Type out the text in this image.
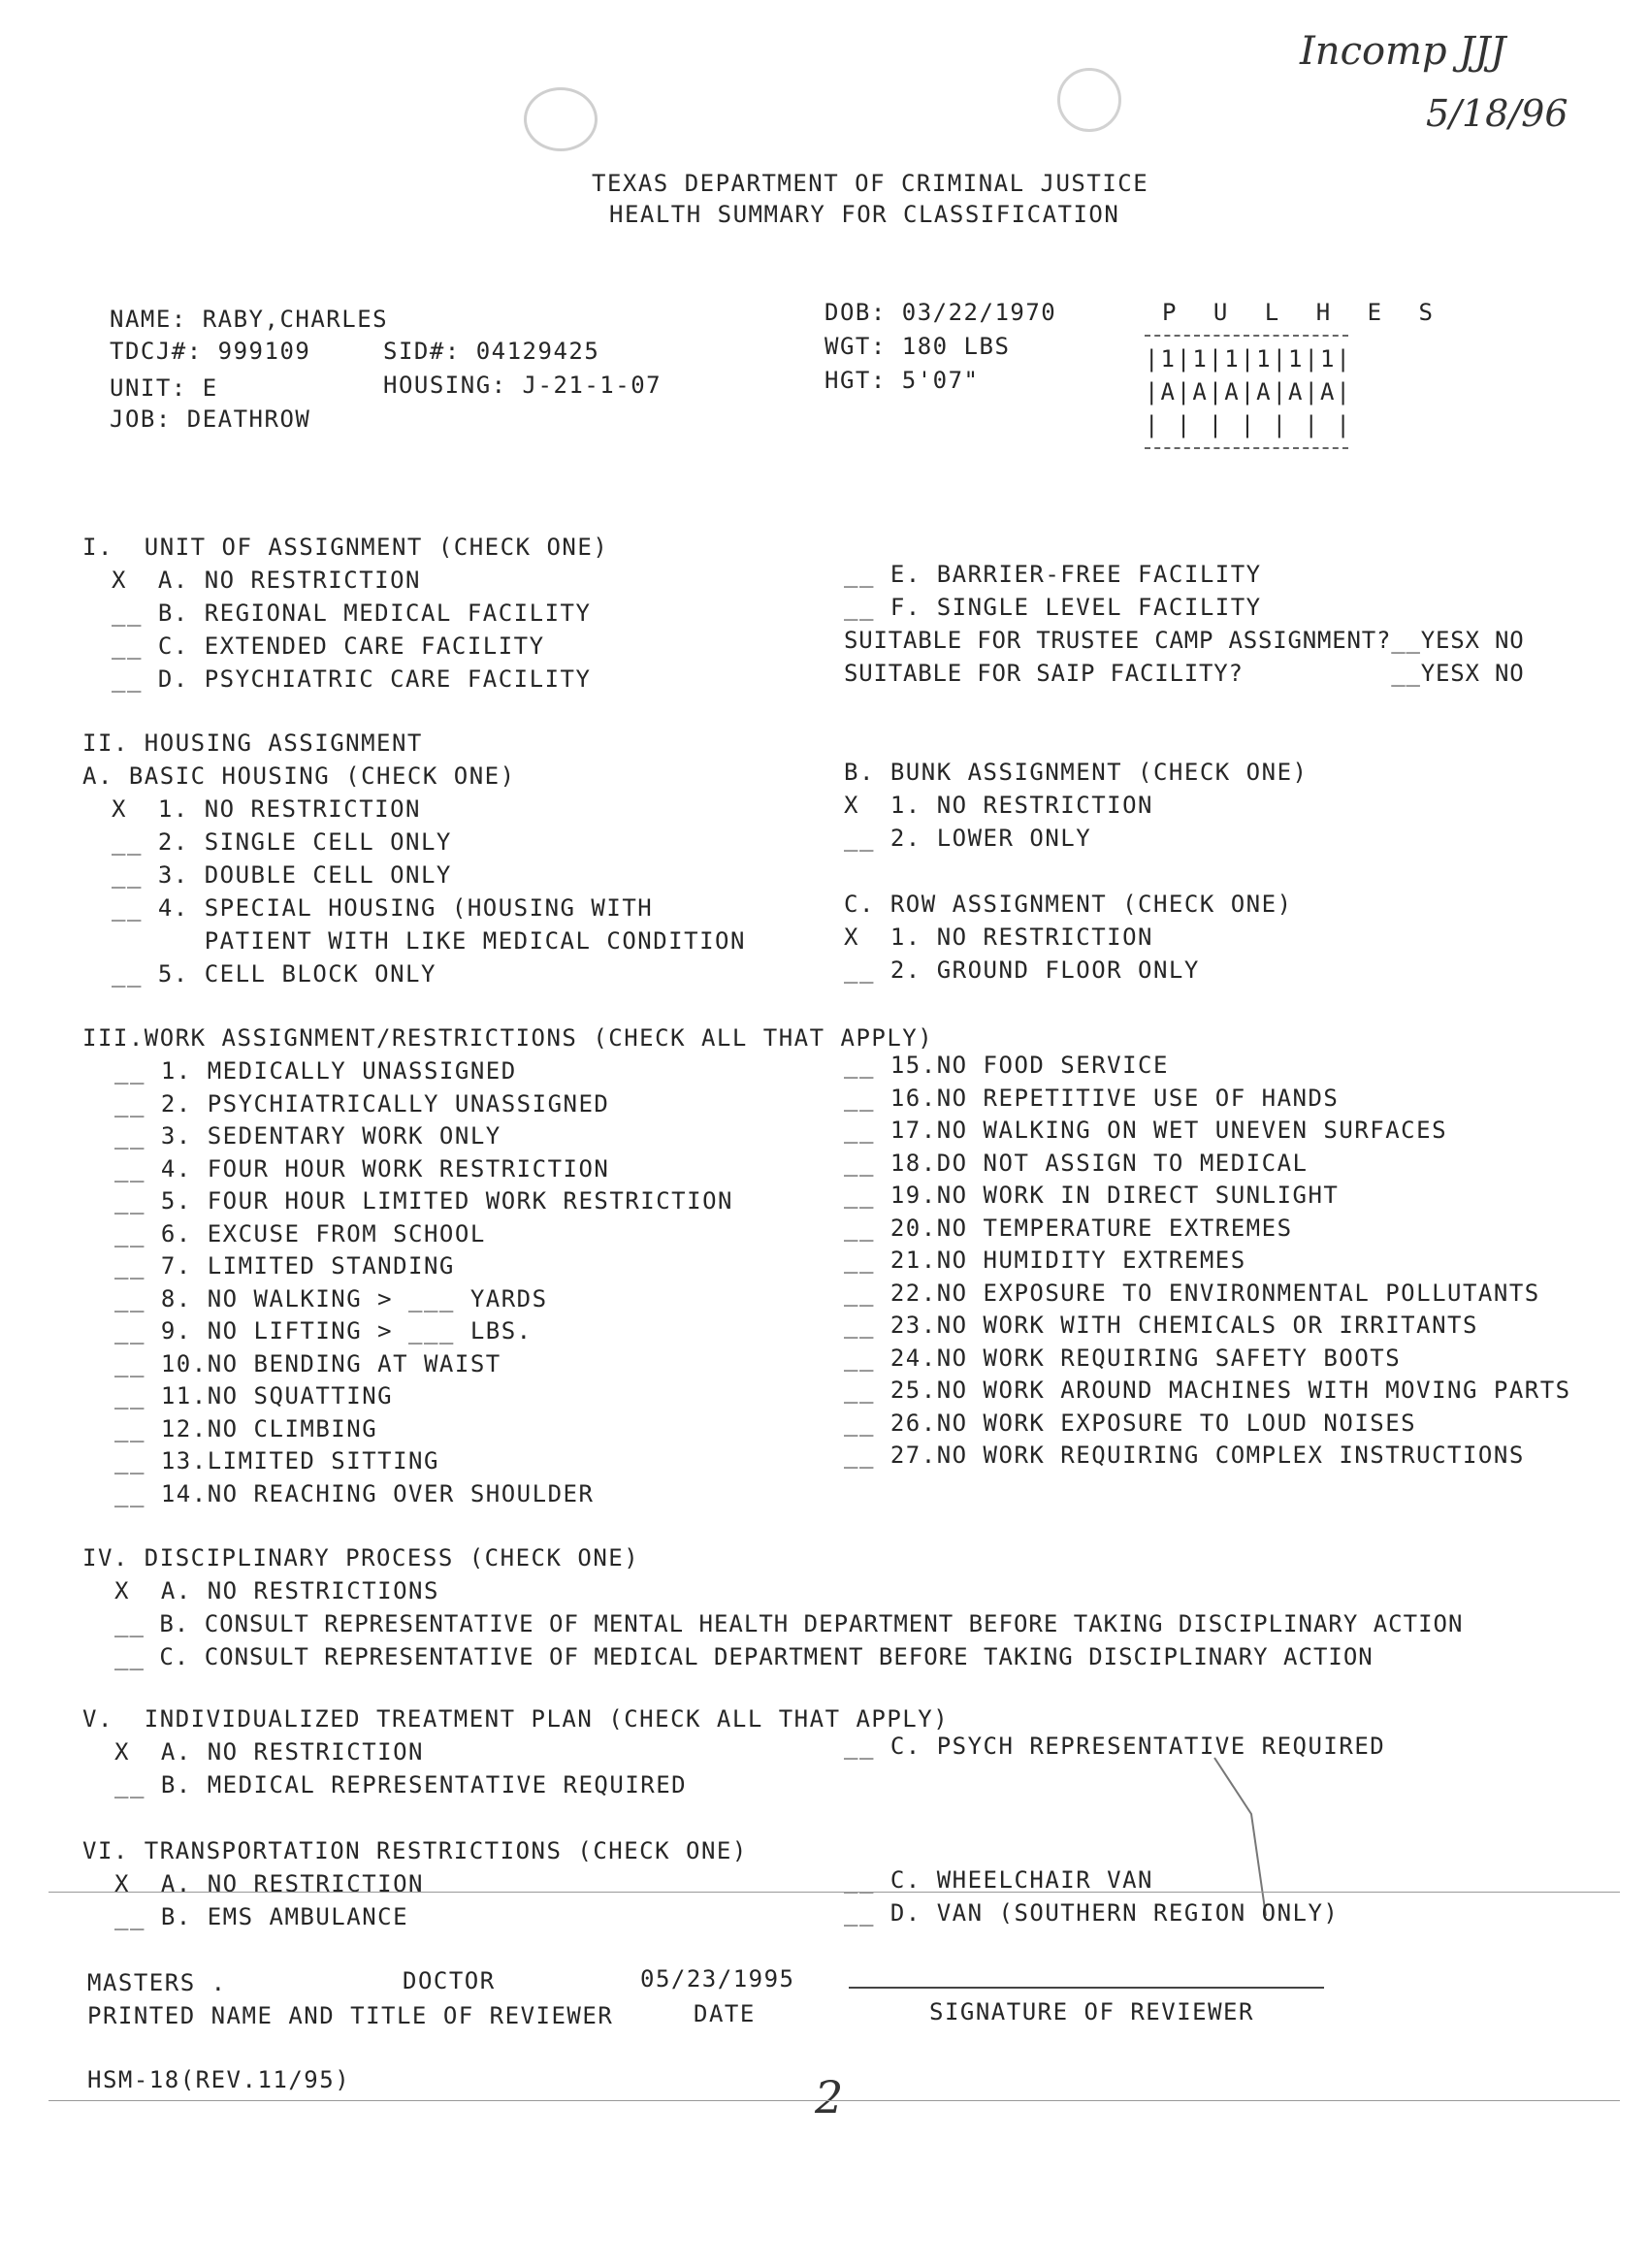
Incomp JJJ
5/18/96
TEXAS DEPARTMENT OF CRIMINAL JUSTICE
HEALTH SUMMARY FOR CLASSIFICATION
NAME: RABY,CHARLES
TDCJ#: 999109	SID#: 04129425
UNIT: E	HOUSING: J-21-1-07
JOB: DEATHROW
DOB: 03/22/1970
WGT: 180 LBS
HGT: 5'07"
P U L H E S
|1|1|1|1|1|1|
|A|A|A|A|A|A|
| | | | | | |
I.  UNIT OF ASSIGNMENT (CHECK ONE)
X  A. NO RESTRICTION
__ B. REGIONAL MEDICAL FACILITY
__ C. EXTENDED CARE FACILITY
__ D. PSYCHIATRIC CARE FACILITY
__ E. BARRIER-FREE FACILITY
__ F. SINGLE LEVEL FACILITY
SUITABLE FOR TRUSTEE CAMP ASSIGNMENT?__YESX NO
SUITABLE FOR SAIP FACILITY?          __YESX NO
II. HOUSING ASSIGNMENT
A. BASIC HOUSING (CHECK ONE)
X  1. NO RESTRICTION
__ 2. SINGLE CELL ONLY
__ 3. DOUBLE CELL ONLY
__ 4. SPECIAL HOUSING (HOUSING WITH
PATIENT WITH LIKE MEDICAL CONDITION
__ 5. CELL BLOCK ONLY
B. BUNK ASSIGNMENT (CHECK ONE)
X  1. NO RESTRICTION
__ 2. LOWER ONLY
C. ROW ASSIGNMENT (CHECK ONE)
X  1. NO RESTRICTION
__ 2. GROUND FLOOR ONLY
III.WORK ASSIGNMENT/RESTRICTIONS (CHECK ALL THAT APPLY)
__ 1. MEDICALLY UNASSIGNED
__ 2. PSYCHIATRICALLY UNASSIGNED
__ 3. SEDENTARY WORK ONLY
__ 4. FOUR HOUR WORK RESTRICTION
__ 5. FOUR HOUR LIMITED WORK RESTRICTION
__ 6. EXCUSE FROM SCHOOL
__ 7. LIMITED STANDING
__ 8. NO WALKING > ___ YARDS
__ 9. NO LIFTING > ___ LBS.
__ 10.NO BENDING AT WAIST
__ 11.NO SQUATTING
__ 12.NO CLIMBING
__ 13.LIMITED SITTING
__ 14.NO REACHING OVER SHOULDER
__ 15.NO FOOD SERVICE
__ 16.NO REPETITIVE USE OF HANDS
__ 17.NO WALKING ON WET UNEVEN SURFACES
__ 18.DO NOT ASSIGN TO MEDICAL
__ 19.NO WORK IN DIRECT SUNLIGHT
__ 20.NO TEMPERATURE EXTREMES
__ 21.NO HUMIDITY EXTREMES
__ 22.NO EXPOSURE TO ENVIRONMENTAL POLLUTANTS
__ 23.NO WORK WITH CHEMICALS OR IRRITANTS
__ 24.NO WORK REQUIRING SAFETY BOOTS
__ 25.NO WORK AROUND MACHINES WITH MOVING PARTS
__ 26.NO WORK EXPOSURE TO LOUD NOISES
__ 27.NO WORK REQUIRING COMPLEX INSTRUCTIONS
IV. DISCIPLINARY PROCESS (CHECK ONE)
X  A. NO RESTRICTIONS
__ B. CONSULT REPRESENTATIVE OF MENTAL HEALTH DEPARTMENT BEFORE TAKING DISCIPLINARY ACTION
__ C. CONSULT REPRESENTATIVE OF MEDICAL DEPARTMENT BEFORE TAKING DISCIPLINARY ACTION
V.  INDIVIDUALIZED TREATMENT PLAN (CHECK ALL THAT APPLY)
X  A. NO RESTRICTION
__ B. MEDICAL REPRESENTATIVE REQUIRED
__ C. PSYCH REPRESENTATIVE REQUIRED
VI. TRANSPORTATION RESTRICTIONS (CHECK ONE)
X  A. NO RESTRICTION
__ B. EMS AMBULANCE
__ C. WHEELCHAIR VAN
__ D. VAN (SOUTHERN REGION ONLY)
MASTERS .	DOCTOR	05/23/1995
PRINTED NAME AND TITLE OF REVIEWER	DATE	SIGNATURE OF REVIEWER
HSM-18(REV.11/95)	2
